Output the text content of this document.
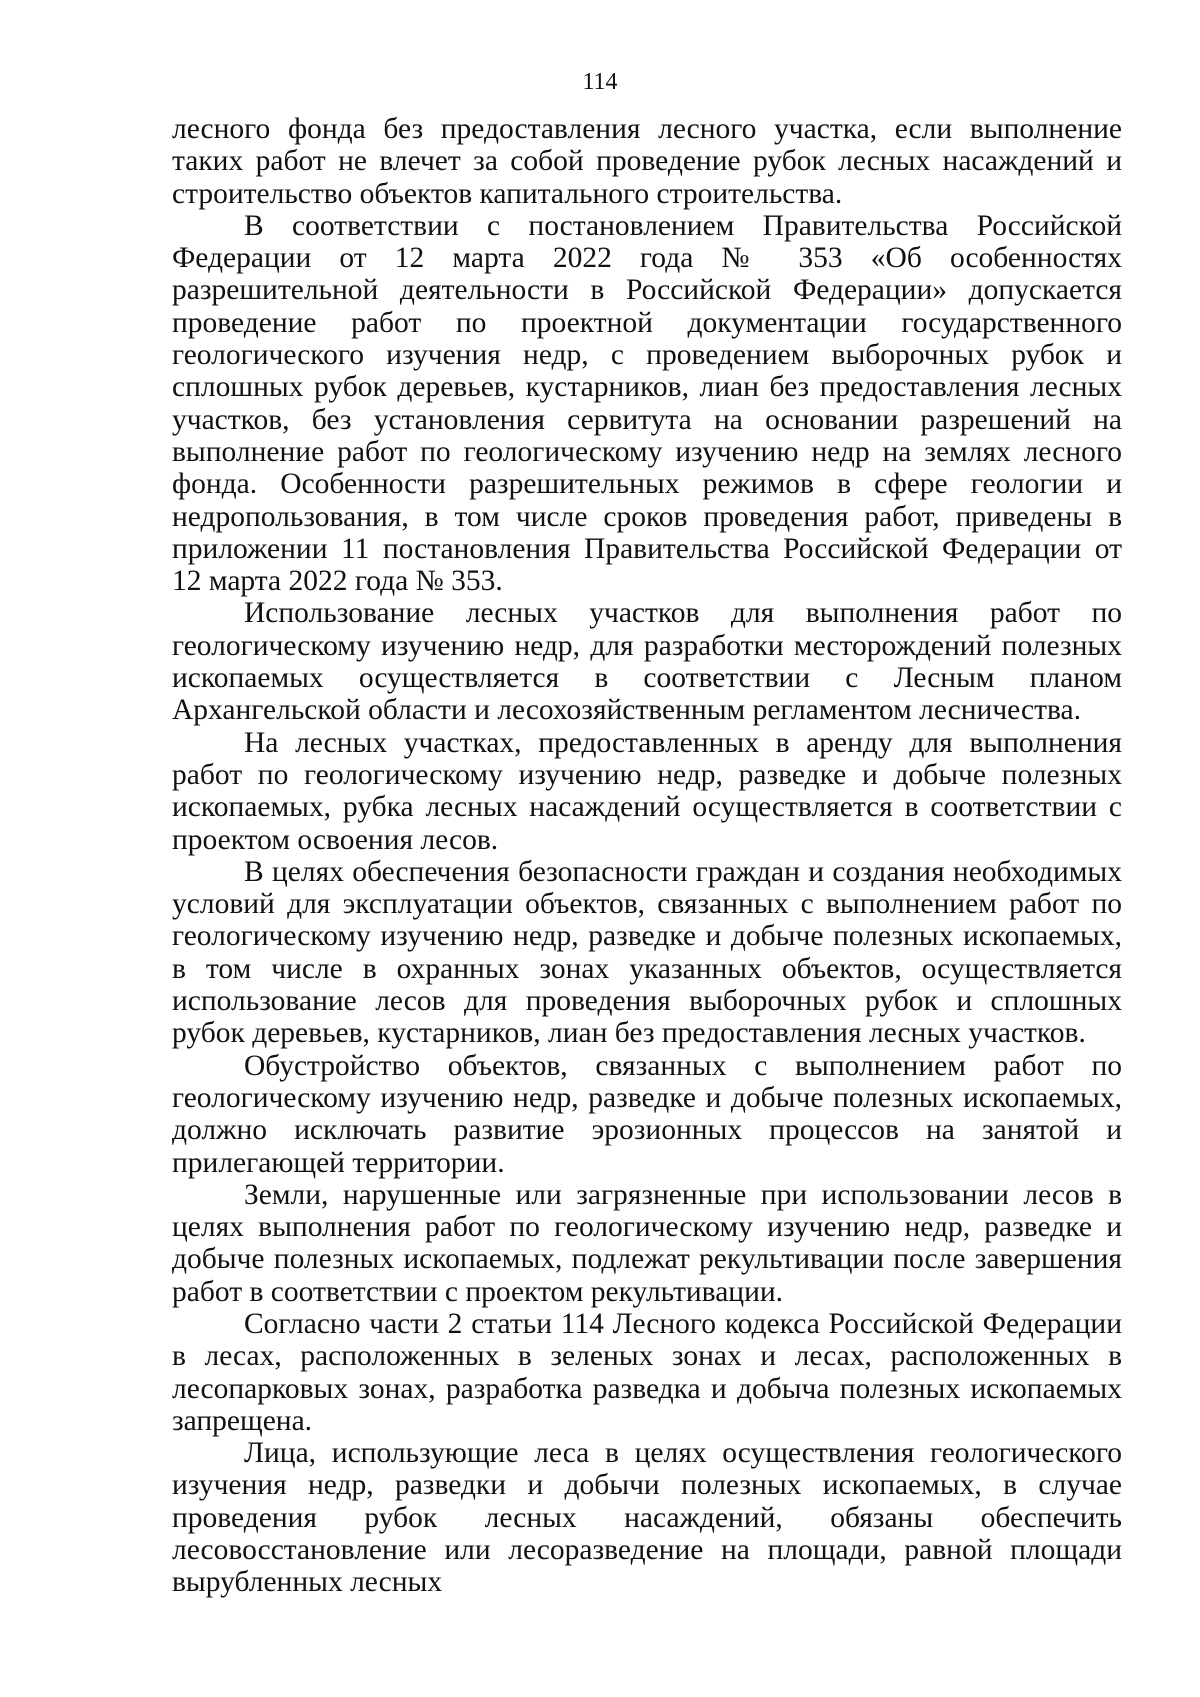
114

лесного фонда без предоставления лесного участка, если выполнение таких работ не влечет за собой проведение рубок лесных насаждений и строительство объектов капитального строительства.

В соответствии с постановлением Правительства Российской Федерации от 12 марта 2022 года № 353 «Об особенностях разрешительной деятельности в Российской Федерации» допускается проведение работ по проектной документации государственного геологического изучения недр, с проведением выборочных рубок и сплошных рубок деревьев, кустарников, лиан без предоставления лесных участков, без установления сервитута на основании разрешений на выполнение работ по геологическому изучению недр на землях лесного фонда. Особенности разрешительных режимов в сфере геологии и недропользования, в том числе сроков проведения работ, приведены в приложении 11 постановления Правительства Российской Федерации от 12 марта 2022 года № 353.

Использование лесных участков для выполнения работ по геологическому изучению недр, для разработки месторождений полезных ископаемых осуществляется в соответствии с Лесным планом Архангельской области и лесохозяйственным регламентом лесничества.

На лесных участках, предоставленных в аренду для выполнения работ по геологическому изучению недр, разведке и добыче полезных ископаемых, рубка лесных насаждений осуществляется в соответствии с проектом освоения лесов.

В целях обеспечения безопасности граждан и создания необходимых условий для эксплуатации объектов, связанных с выполнением работ по геологическому изучению недр, разведке и добыче полезных ископаемых, в том числе в охранных зонах указанных объектов, осуществляется использование лесов для проведения выборочных рубок и сплошных рубок деревьев, кустарников, лиан без предоставления лесных участков.

Обустройство объектов, связанных с выполнением работ по геологическому изучению недр, разведке и добыче полезных ископаемых, должно исключать развитие эрозионных процессов на занятой и прилегающей территории.

Земли, нарушенные или загрязненные при использовании лесов в целях выполнения работ по геологическому изучению недр, разведке и добыче полезных ископаемых, подлежат рекультивации после завершения работ в соответствии с проектом рекультивации.

Согласно части 2 статьи 114 Лесного кодекса Российской Федерации в лесах, расположенных в зеленых зонах и лесах, расположенных в лесопарковых зонах, разработка разведка и добыча полезных ископаемых запрещена.

Лица, использующие леса в целях осуществления геологического изучения недр, разведки и добычи полезных ископаемых, в случае проведения рубок лесных насаждений, обязаны обеспечить лесовосстановление или лесоразведение на площади, равной площади вырубленных лесных
